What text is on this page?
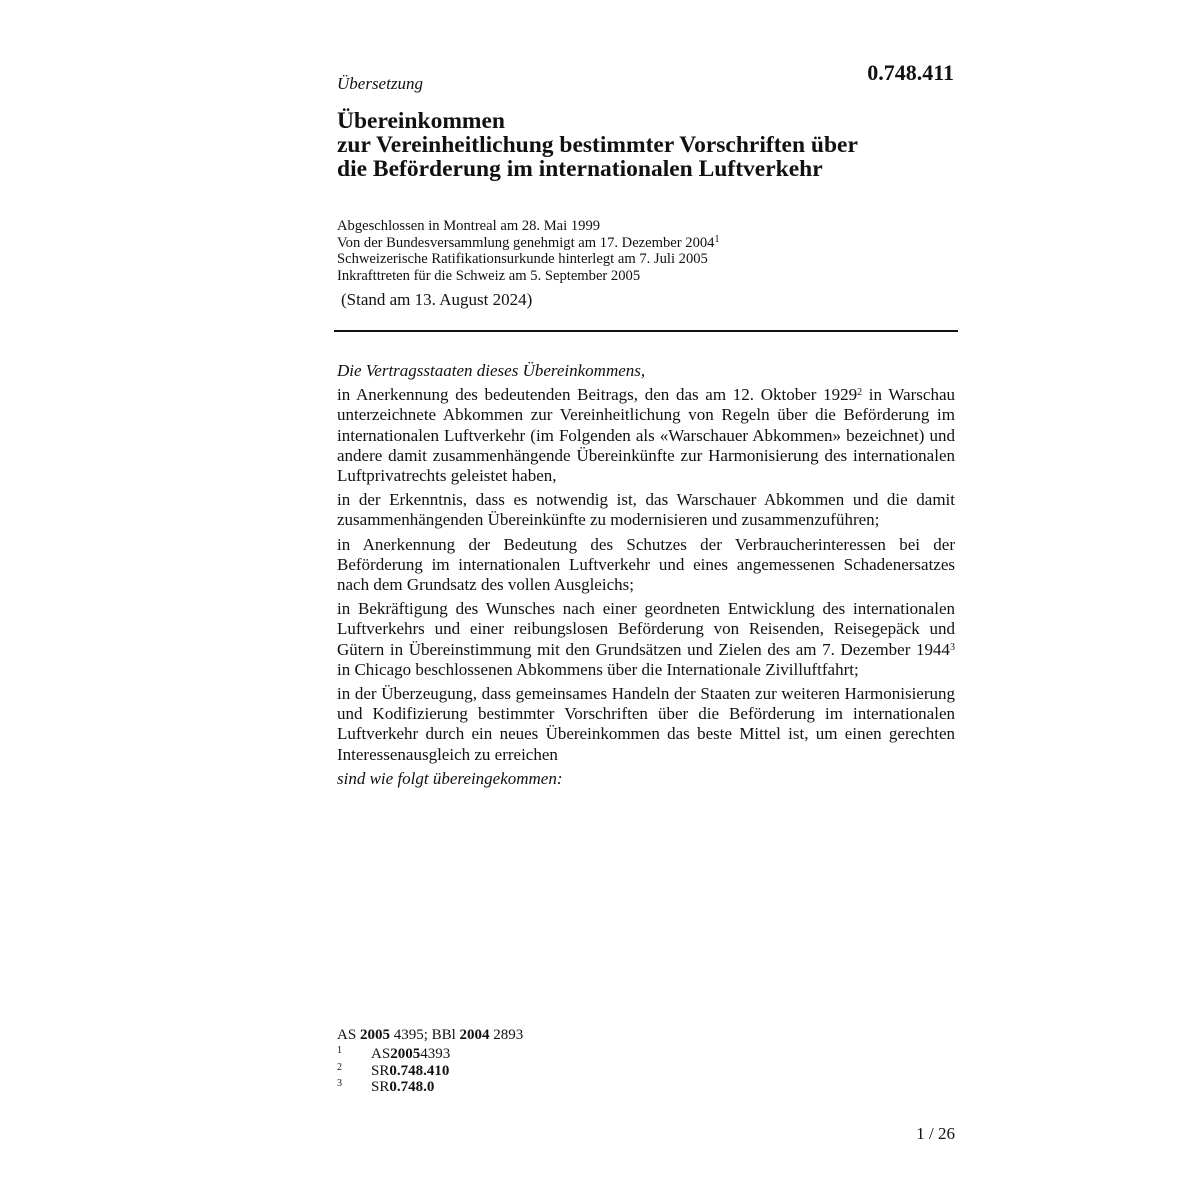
Übersetzung	0.748.411
Übereinkommen
zur Vereinheitlichung bestimmter Vorschriften über
die Beförderung im internationalen Luftverkehr
Abgeschlossen in Montreal am 28. Mai 1999
Von der Bundesversammlung genehmigt am 17. Dezember 2004$^1$
Schweizerische Ratifikationsurkunde hinterlegt am 7. Juli 2005
Inkrafttreten für die Schweiz am 5. September 2005
(Stand am 13. August 2024)

Die Vertragsstaaten dieses Übereinkommens,

in Anerkennung des bedeutenden Beitrags, den das am 12. Oktober 1929$^2$ in Warschau unterzeichnete Abkommen zur Vereinheitlichung von Regeln über die Beförderung im internationalen Luftverkehr (im Folgenden als «Warschauer Abkommen» bezeichnet) und andere damit zusammenhängende Übereinkünfte zur Harmonisierung des internationalen Luftprivatrechts geleistet haben,

in der Erkenntnis, dass es notwendig ist, das Warschauer Abkommen und die damit zusammenhängenden Übereinkünfte zu modernisieren und zusammenzuführen;

in Anerkennung der Bedeutung des Schutzes der Verbraucherinteressen bei der Beförderung im internationalen Luftverkehr und eines angemessenen Schadenersatzes nach dem Grundsatz des vollen Ausgleichs;

in Bekräftigung des Wunsches nach einer geordneten Entwicklung des internationalen Luftverkehrs und einer reibungslosen Beförderung von Reisenden, Reisegepäck und Gütern in Übereinstimmung mit den Grundsätzen und Zielen des am 7. Dezember 1944$^3$ in Chicago beschlossenen Abkommens über die Internationale Zivilluftfahrt;

in der Überzeugung, dass gemeinsames Handeln der Staaten zur weiteren Harmonisierung und Kodifizierung bestimmter Vorschriften über die Beförderung im internationalen Luftverkehr durch ein neues Übereinkommen das beste Mittel ist, um einen gerechten Interessenausgleich zu erreichen

sind wie folgt übereingekommen:

AS 2005 4395; BBl 2004 2893
1	AS 2005 4393
2	SR 0.748.410
3	SR 0.748.0
1 / 26
